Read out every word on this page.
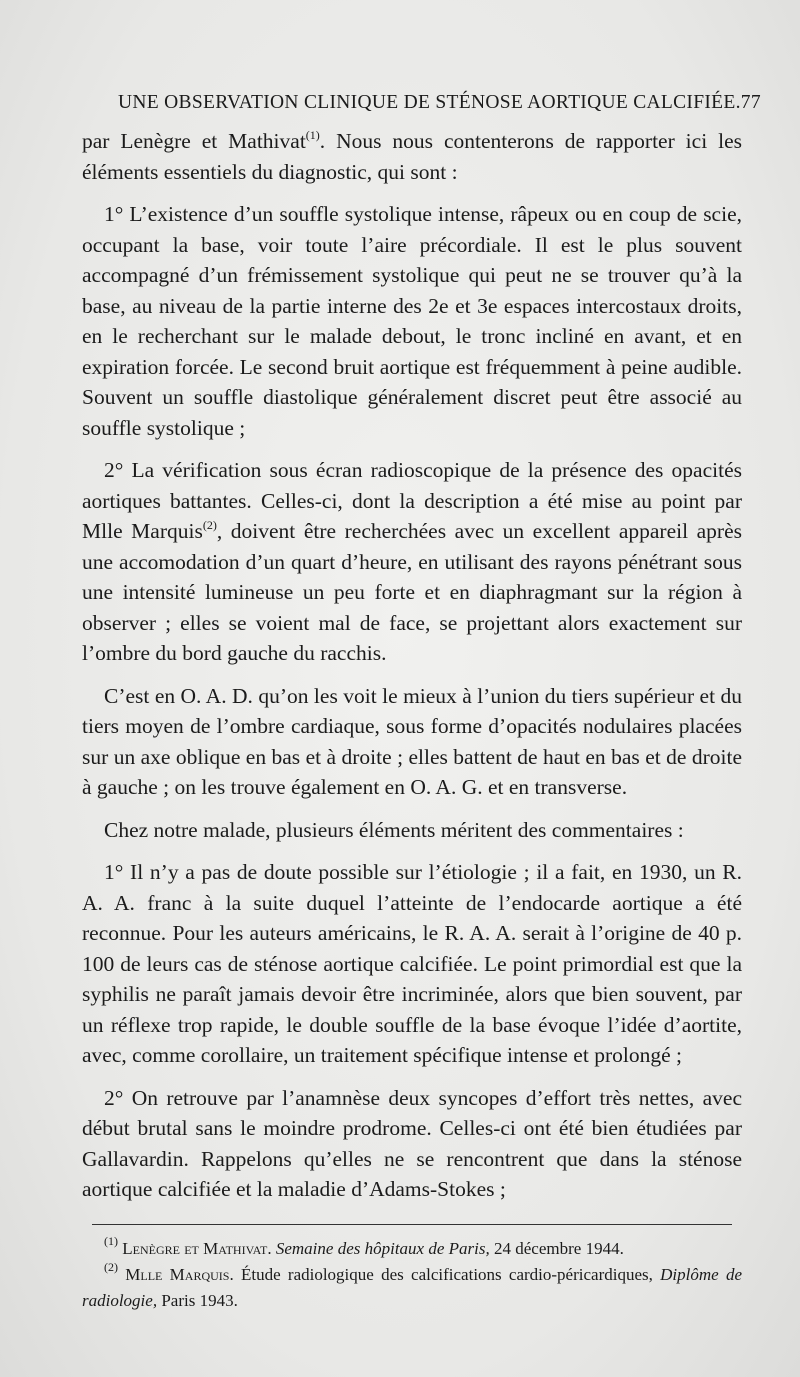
UNE OBSERVATION CLINIQUE DE STÉNOSE AORTIQUE CALCIFIÉE. 77

par Lenègre et Mathivat$^{(1)}$. Nous nous contenterons de rapporter ici les éléments essentiels du diagnostic, qui sont :

1° L’existence d’un souffle systolique intense, râpeux ou en coup de scie, occupant la base, voir toute l’aire précordiale. Il est le plus souvent accompagné d’un frémissement systolique qui peut ne se trouver qu’à la base, au niveau de la partie interne des 2e et 3e espaces intercostaux droits, en le recherchant sur le malade debout, le tronc incliné en avant, et en expiration forcée. Le second bruit aortique est fréquemment à peine audible. Souvent un souffle diastolique généralement discret peut être associé au souffle systolique ;

2° La vérification sous écran radioscopique de la présence des opacités aortiques battantes. Celles-ci, dont la description a été mise au point par Mlle Marquis$^{(2)}$, doivent être recherchées avec un excellent appareil après une accomodation d’un quart d’heure, en utilisant des rayons pénétrant sous une intensité lumineuse un peu forte et en diaphragmant sur la région à observer ; elles se voient mal de face, se projettant alors exactement sur l’ombre du bord gauche du racchis.

C’est en O. A. D. qu’on les voit le mieux à l’union du tiers supérieur et du tiers moyen de l’ombre cardiaque, sous forme d’opacités nodulaires placées sur un axe oblique en bas et à droite ; elles battent de haut en bas et de droite à gauche ; on les trouve également en O. A. G. et en transverse.

Chez notre malade, plusieurs éléments méritent des commentaires :

1° Il n’y a pas de doute possible sur l’étiologie ; il a fait, en 1930, un R. A. A. franc à la suite duquel l’atteinte de l’endocarde aortique a été reconnue. Pour les auteurs américains, le R. A. A. serait à l’origine de 40 p. 100 de leurs cas de sténose aortique calcifiée. Le point primordial est que la syphilis ne paraît jamais devoir être incriminée, alors que bien souvent, par un réflexe trop rapide, le double souffle de la base évoque l’idée d’aortite, avec, comme corollaire, un traitement spécifique intense et prolongé ;

2° On retrouve par l’anamnèse deux syncopes d’effort très nettes, avec début brutal sans le moindre prodrome. Celles-ci ont été bien étudiées par Gallavardin. Rappelons qu’elles ne se rencontrent que dans la sténose aortique calcifiée et la maladie d’Adams-Stokes ;

$^{(1)}$ Lenègre et Mathivat. Semaine des hôpitaux de Paris, 24 décembre 1944.

$^{(2)}$ Mlle Marquis. Étude radiologique des calcifications cardio-péricardiques, Diplôme de radiologie, Paris 1943.
